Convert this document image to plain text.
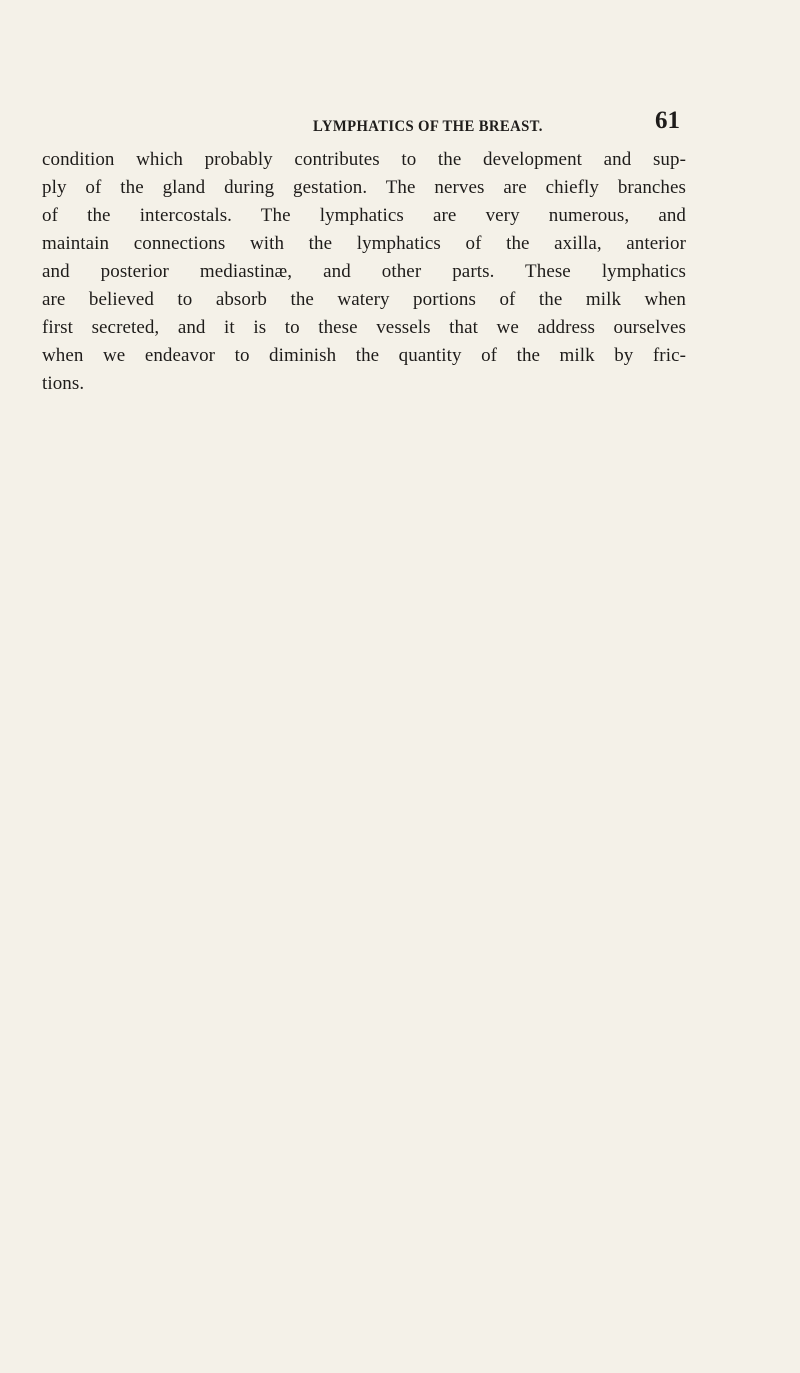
LYMPHATICS OF THE BREAST.	61
condition which probably contributes to the development and sup-
ply of the gland during gestation. The nerves are chiefly branches
of the intercostals. The lymphatics are very numerous, and
maintain connections with the lymphatics of the axilla, anterior
and posterior mediastinæ, and other parts. These lymphatics
are believed to absorb the watery portions of the milk when
first secreted, and it is to these vessels that we address ourselves
when we endeavor to diminish the quantity of the milk by fric-
tions.
